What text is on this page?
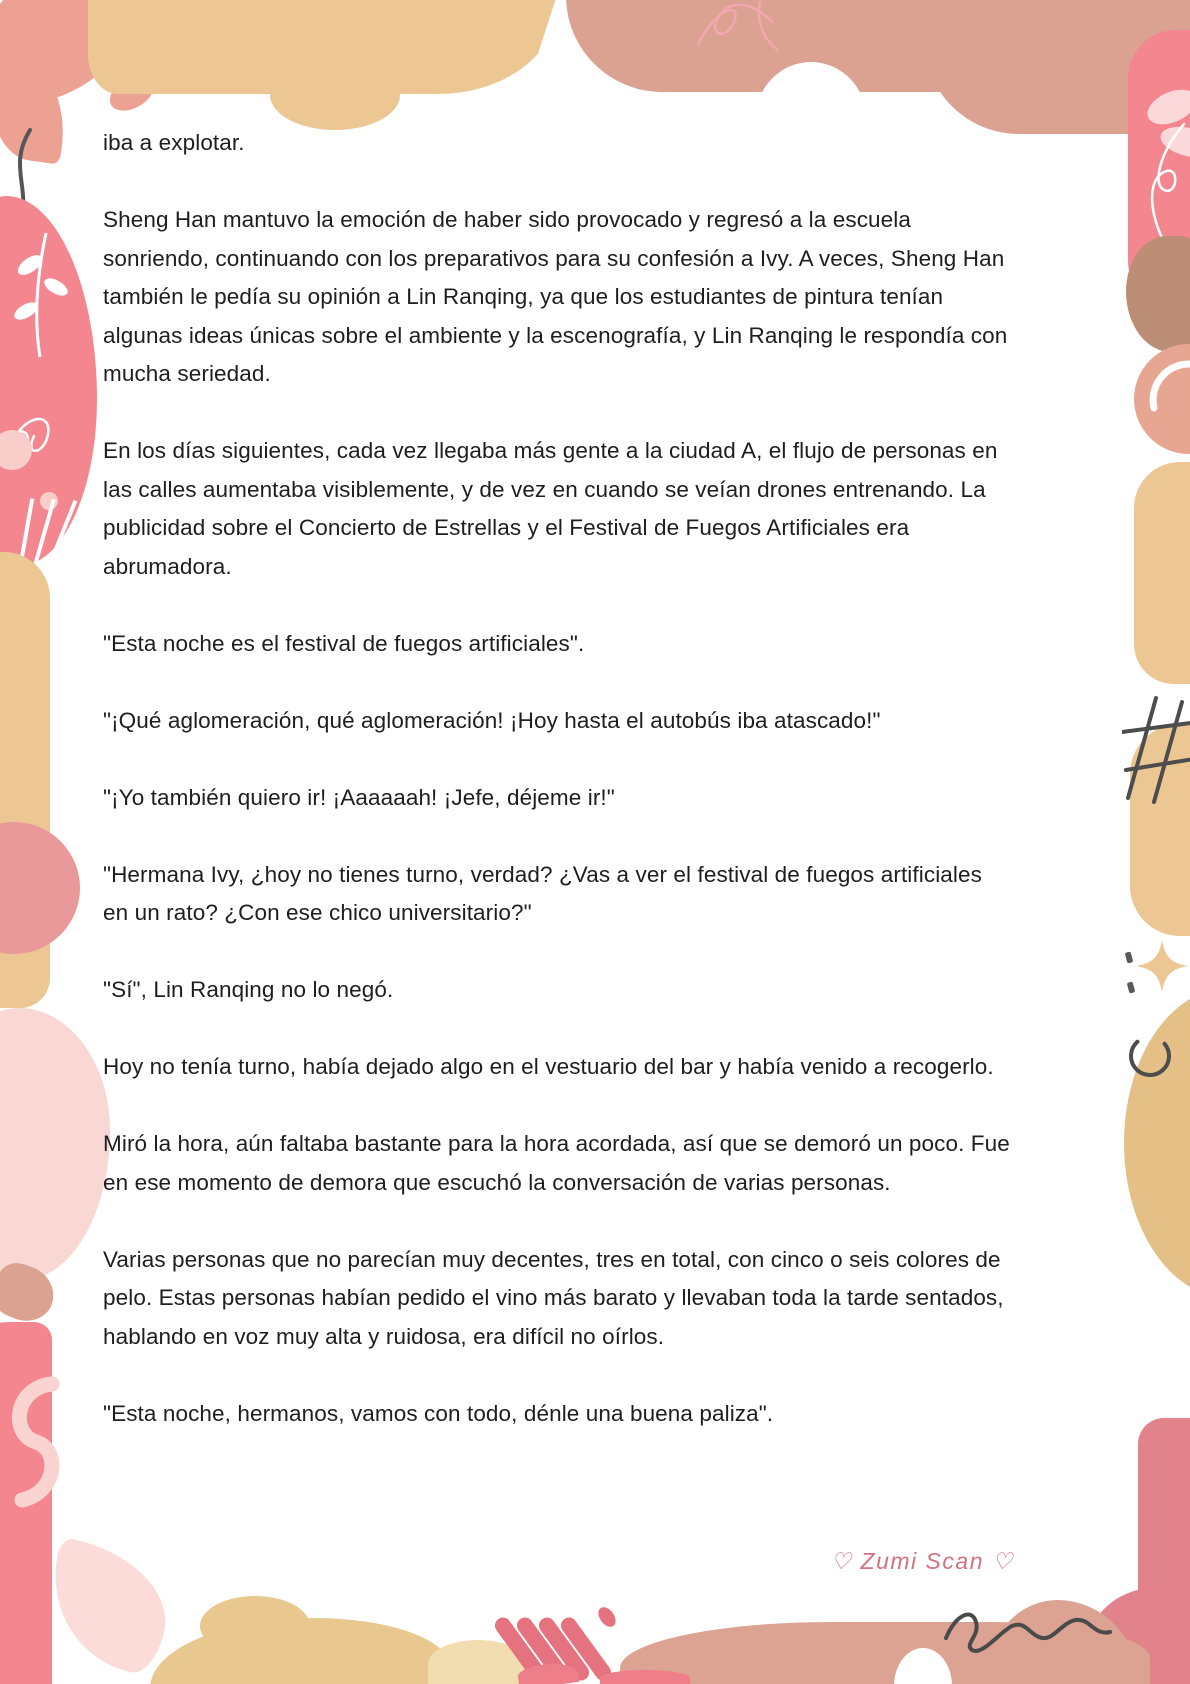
iba a explotar.

Sheng Han mantuvo la emoción de haber sido provocado y regresó a la escuela sonriendo, continuando con los preparativos para su confesión a Ivy. A veces, Sheng Han también le pedía su opinión a Lin Ranqing, ya que los estudiantes de pintura tenían algunas ideas únicas sobre el ambiente y la escenografía, y Lin Ranqing le respondía con mucha seriedad.

En los días siguientes, cada vez llegaba más gente a la ciudad A, el flujo de personas en las calles aumentaba visiblemente, y de vez en cuando se veían drones entrenando. La publicidad sobre el Concierto de Estrellas y el Festival de Fuegos Artificiales era abrumadora.

"Esta noche es el festival de fuegos artificiales".

"¡Qué aglomeración, qué aglomeración! ¡Hoy hasta el autobús iba atascado!"

"¡Yo también quiero ir! ¡Aaaaaah! ¡Jefe, déjeme ir!"

"Hermana Ivy, ¿hoy no tienes turno, verdad? ¿Vas a ver el festival de fuegos artificiales en un rato? ¿Con ese chico universitario?"

"Sí", Lin Ranqing no lo negó.

Hoy no tenía turno, había dejado algo en el vestuario del bar y había venido a recogerlo.

Miró la hora, aún faltaba bastante para la hora acordada, así que se demoró un poco. Fue en ese momento de demora que escuchó la conversación de varias personas.

Varias personas que no parecían muy decentes, tres en total, con cinco o seis colores de pelo. Estas personas habían pedido el vino más barato y llevaban toda la tarde sentados, hablando en voz muy alta y ruidosa, era difícil no oírlos.

"Esta noche, hermanos, vamos con todo, dénle una buena paliza".

♡ Zumi Scan ♡
